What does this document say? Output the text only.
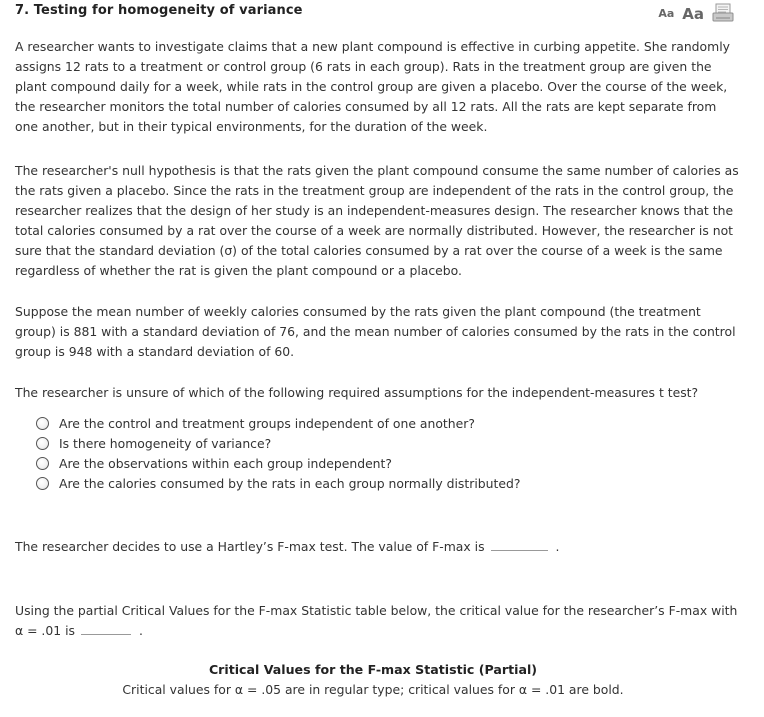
7. Testing for homogeneity of variance	Aa Aa

A researcher wants to investigate claims that a new plant compound is effective in curbing appetite. She randomly assigns 12 rats to a treatment or control group (6 rats in each group). Rats in the treatment group are given the plant compound daily for a week, while rats in the control group are given a placebo. Over the course of the week, the researcher monitors the total number of calories consumed by all 12 rats. All the rats are kept separate from one another, but in their typical environments, for the duration of the week.

The researcher's null hypothesis is that the rats given the plant compound consume the same number of calories as the rats given a placebo. Since the rats in the treatment group are independent of the rats in the control group, the researcher realizes that the design of her study is an independent-measures design. The researcher knows that the total calories consumed by a rat over the course of a week are normally distributed. However, the researcher is not sure that the standard deviation (σ) of the total calories consumed by a rat over the course of a week is the same regardless of whether the rat is given the plant compound or a placebo.

Suppose the mean number of weekly calories consumed by the rats given the plant compound (the treatment group) is 881 with a standard deviation of 76, and the mean number of calories consumed by the rats in the control group is 948 with a standard deviation of 60.

The researcher is unsure of which of the following required assumptions for the independent-measures t test?

Are the control and treatment groups independent of one another?
Is there homogeneity of variance?
Are the observations within each group independent?
Are the calories consumed by the rats in each group normally distributed?

The researcher decides to use a Hartley’s F-max test. The value of F-max is	.

Using the partial Critical Values for the F-max Statistic table below, the critical value for the researcher’s F-max with α = .01 is	.

Critical Values for the F-max Statistic (Partial)
Critical values for α = .05 are in regular type; critical values for α = .01 are bold.
